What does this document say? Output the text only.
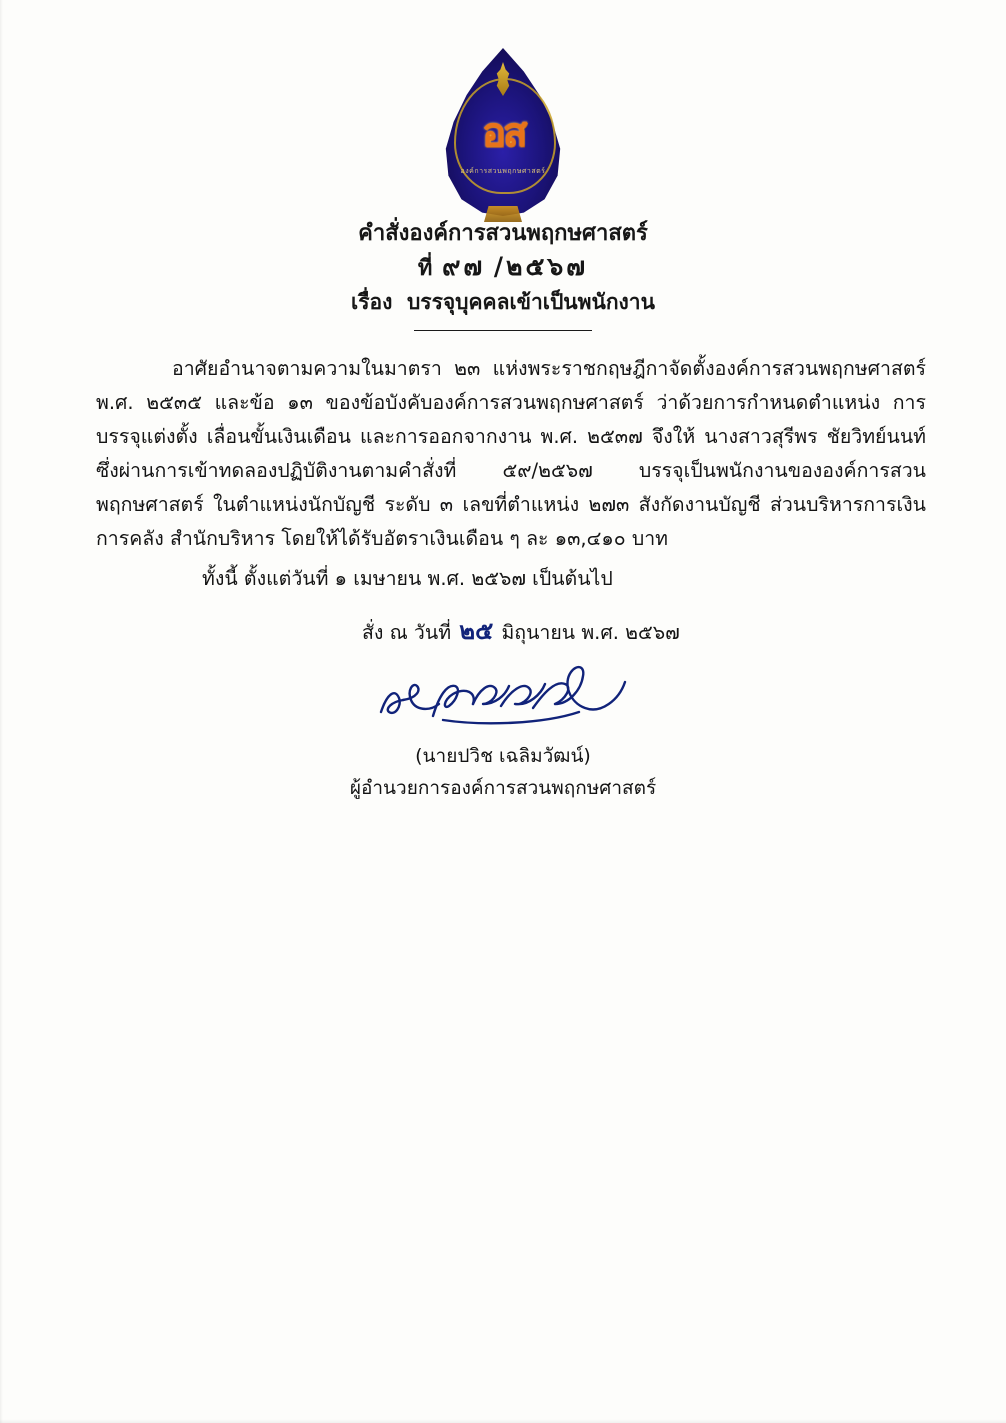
อส
องค์การสวนพฤกษศาสตร์
คำสั่งองค์การสวนพฤกษศาสตร์
ที่ ๙๗ /๒๕๖๗
เรื่อง บรรจุบุคคลเข้าเป็นพนักงาน

อาศัยอำนาจตามความในมาตรา ๒๓ แห่งพระราชกฤษฎีกาจัดตั้งองค์การสวนพฤกษศาสตร์ พ.ศ. ๒๕๓๕ และข้อ ๑๓ ของข้อบังคับองค์การสวนพฤกษศาสตร์ ว่าด้วยการกำหนดตำแหน่ง การบรรจุแต่งตั้ง เลื่อนขั้นเงินเดือน และการออกจากงาน พ.ศ. ๒๕๓๗ จึงให้ นางสาวสุรีพร ชัยวิทย์นนท์ ซึ่งผ่านการเข้าทดลองปฏิบัติงานตามคำสั่งที่ ๕๙/๒๕๖๗ บรรจุเป็นพนักงานขององค์การสวนพฤกษศาสตร์ ในตำแหน่งนักบัญชี ระดับ ๓ เลขที่ตำแหน่ง ๒๗๓ สังกัดงานบัญชี ส่วนบริหารการเงินการคลัง สำนักบริหาร โดยให้ได้รับอัตราเงินเดือน ๆ ละ ๑๓,๔๑๐ บาท

ทั้งนี้ ตั้งแต่วันที่ ๑ เมษายน พ.ศ. ๒๕๖๗ เป็นต้นไป
สั่ง ณ วันที่ ๒๕ มิถุนายน พ.ศ. ๒๕๖๗
(นายปวิช เฉลิมวัฒน์)
ผู้อำนวยการองค์การสวนพฤกษศาสตร์
